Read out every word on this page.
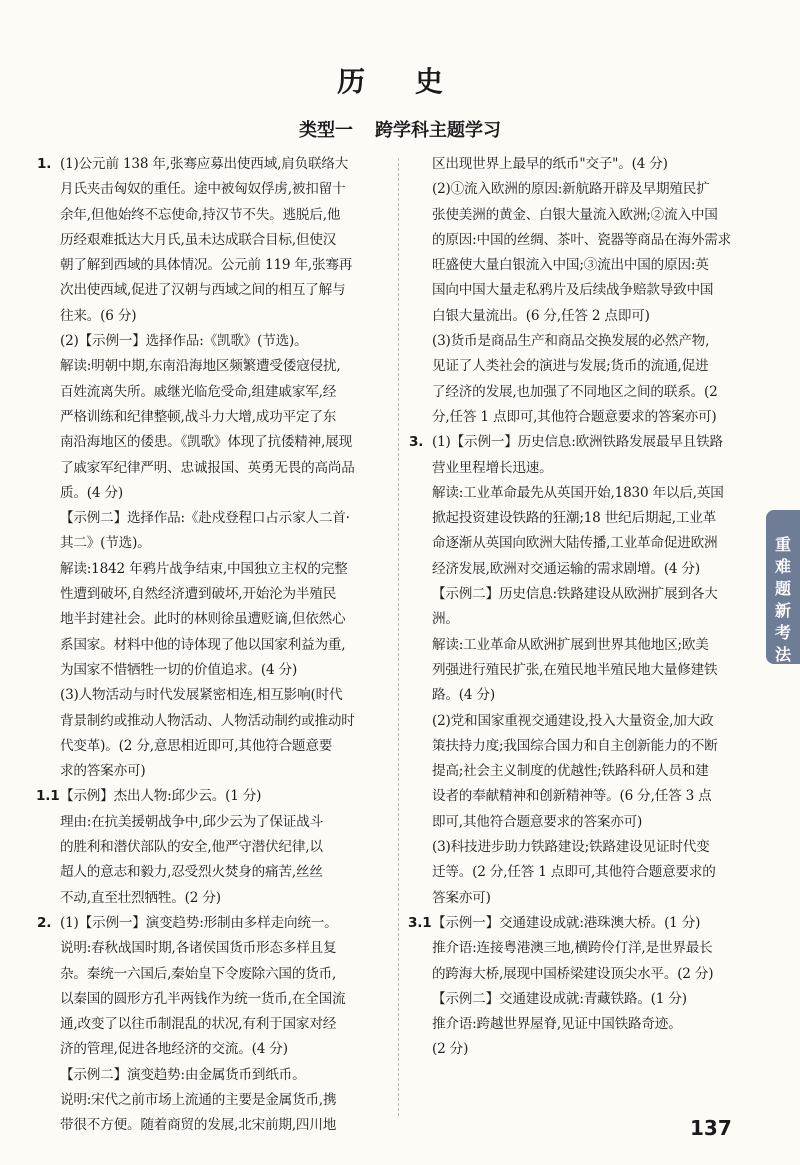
历 史
类型一 跨学科主题学习
1. (1)公元前 138 年,张骞应募出使西域,肩负联络大
月氏夹击匈奴的重任。途中被匈奴俘虏,被扣留十
余年,但他始终不忘使命,持汉节不失。逃脱后,他
历经艰难抵达大月氏,虽未达成联合目标,但使汉
朝了解到西域的具体情况。公元前 119 年,张骞再
次出使西域,促进了汉朝与西域之间的相互了解与
往来。(6 分)
(2)【示例一】选择作品:《凯歌》(节选)。
解读:明朝中期,东南沿海地区频繁遭受倭寇侵扰,
百姓流离失所。戚继光临危受命,组建戚家军,经
严格训练和纪律整顿,战斗力大增,成功平定了东
南沿海地区的倭患。《凯歌》体现了抗倭精神,展现
了戚家军纪律严明、忠诚报国、英勇无畏的高尚品
质。(4 分)
【示例二】选择作品:《赴戍登程口占示家人二首·
其二》(节选)。
解读:1842 年鸦片战争结束,中国独立主权的完整
性遭到破坏,自然经济遭到破坏,开始沦为半殖民
地半封建社会。此时的林则徐虽遭贬谪,但依然心
系国家。材料中他的诗体现了他以国家利益为重,
为国家不惜牺牲一切的价值追求。(4 分)
(3)人物活动与时代发展紧密相连,相互影响(时代
背景制约或推动人物活动、人物活动制约或推动时
代变革)。(2 分,意思相近即可,其他符合题意要
求的答案亦可)
1.1 【示例】杰出人物:邱少云。(1 分)
理由:在抗美援朝战争中,邱少云为了保证战斗
的胜利和潜伏部队的安全,他严守潜伏纪律,以
超人的意志和毅力,忍受烈火焚身的痛苦,丝丝
不动,直至壮烈牺牲。(2 分)
2. (1)【示例一】演变趋势:形制由多样走向统一。
说明:春秋战国时期,各诸侯国货币形态多样且复
杂。秦统一六国后,秦始皇下令废除六国的货币,
以秦国的圆形方孔半两钱作为统一货币,在全国流
通,改变了以往币制混乱的状况,有利于国家对经
济的管理,促进各地经济的交流。(4 分)
【示例二】演变趋势:由金属货币到纸币。
说明:宋代之前市场上流通的主要是金属货币,携
带很不方便。随着商贸的发展,北宋前期,四川地
区出现世界上最早的纸币"交子"。(4 分)
(2)①流入欧洲的原因:新航路开辟及早期殖民扩
张使美洲的黄金、白银大量流入欧洲;②流入中国
的原因:中国的丝绸、茶叶、瓷器等商品在海外需求
旺盛使大量白银流入中国;③流出中国的原因:英
国向中国大量走私鸦片及后续战争赔款导致中国
白银大量流出。(6 分,任答 2 点即可)
(3)货币是商品生产和商品交换发展的必然产物,
见证了人类社会的演进与发展;货币的流通,促进
了经济的发展,也加强了不同地区之间的联系。(2
分,任答 1 点即可,其他符合题意要求的答案亦可)
3. (1)【示例一】历史信息:欧洲铁路发展最早且铁路
营业里程增长迅速。
解读:工业革命最先从英国开始,1830 年以后,英国
掀起投资建设铁路的狂潮;18 世纪后期起,工业革
命逐渐从英国向欧洲大陆传播,工业革命促进欧洲
经济发展,欧洲对交通运输的需求剧增。(4 分)
【示例二】历史信息:铁路建设从欧洲扩展到各大
洲。
解读:工业革命从欧洲扩展到世界其他地区;欧美
列强进行殖民扩张,在殖民地半殖民地大量修建铁
路。(4 分)
(2)党和国家重视交通建设,投入大量资金,加大政
策扶持力度;我国综合国力和自主创新能力的不断
提高;社会主义制度的优越性;铁路科研人员和建
设者的奉献精神和创新精神等。(6 分,任答 3 点
即可,其他符合题意要求的答案亦可)
(3)科技进步助力铁路建设;铁路建设见证时代变
迁等。(2 分,任答 1 点即可,其他符合题意要求的
答案亦可)
3.1 【示例一】交通建设成就:港珠澳大桥。(1 分)
推介语:连接粤港澳三地,横跨伶仃洋,是世界最长
的跨海大桥,展现中国桥梁建设顶尖水平。(2 分)
【示例二】交通建设成就:青藏铁路。(1 分)
推介语:跨越世界屋脊,见证中国铁路奇迹。
(2 分)
重
难
题
新
考
法
137
